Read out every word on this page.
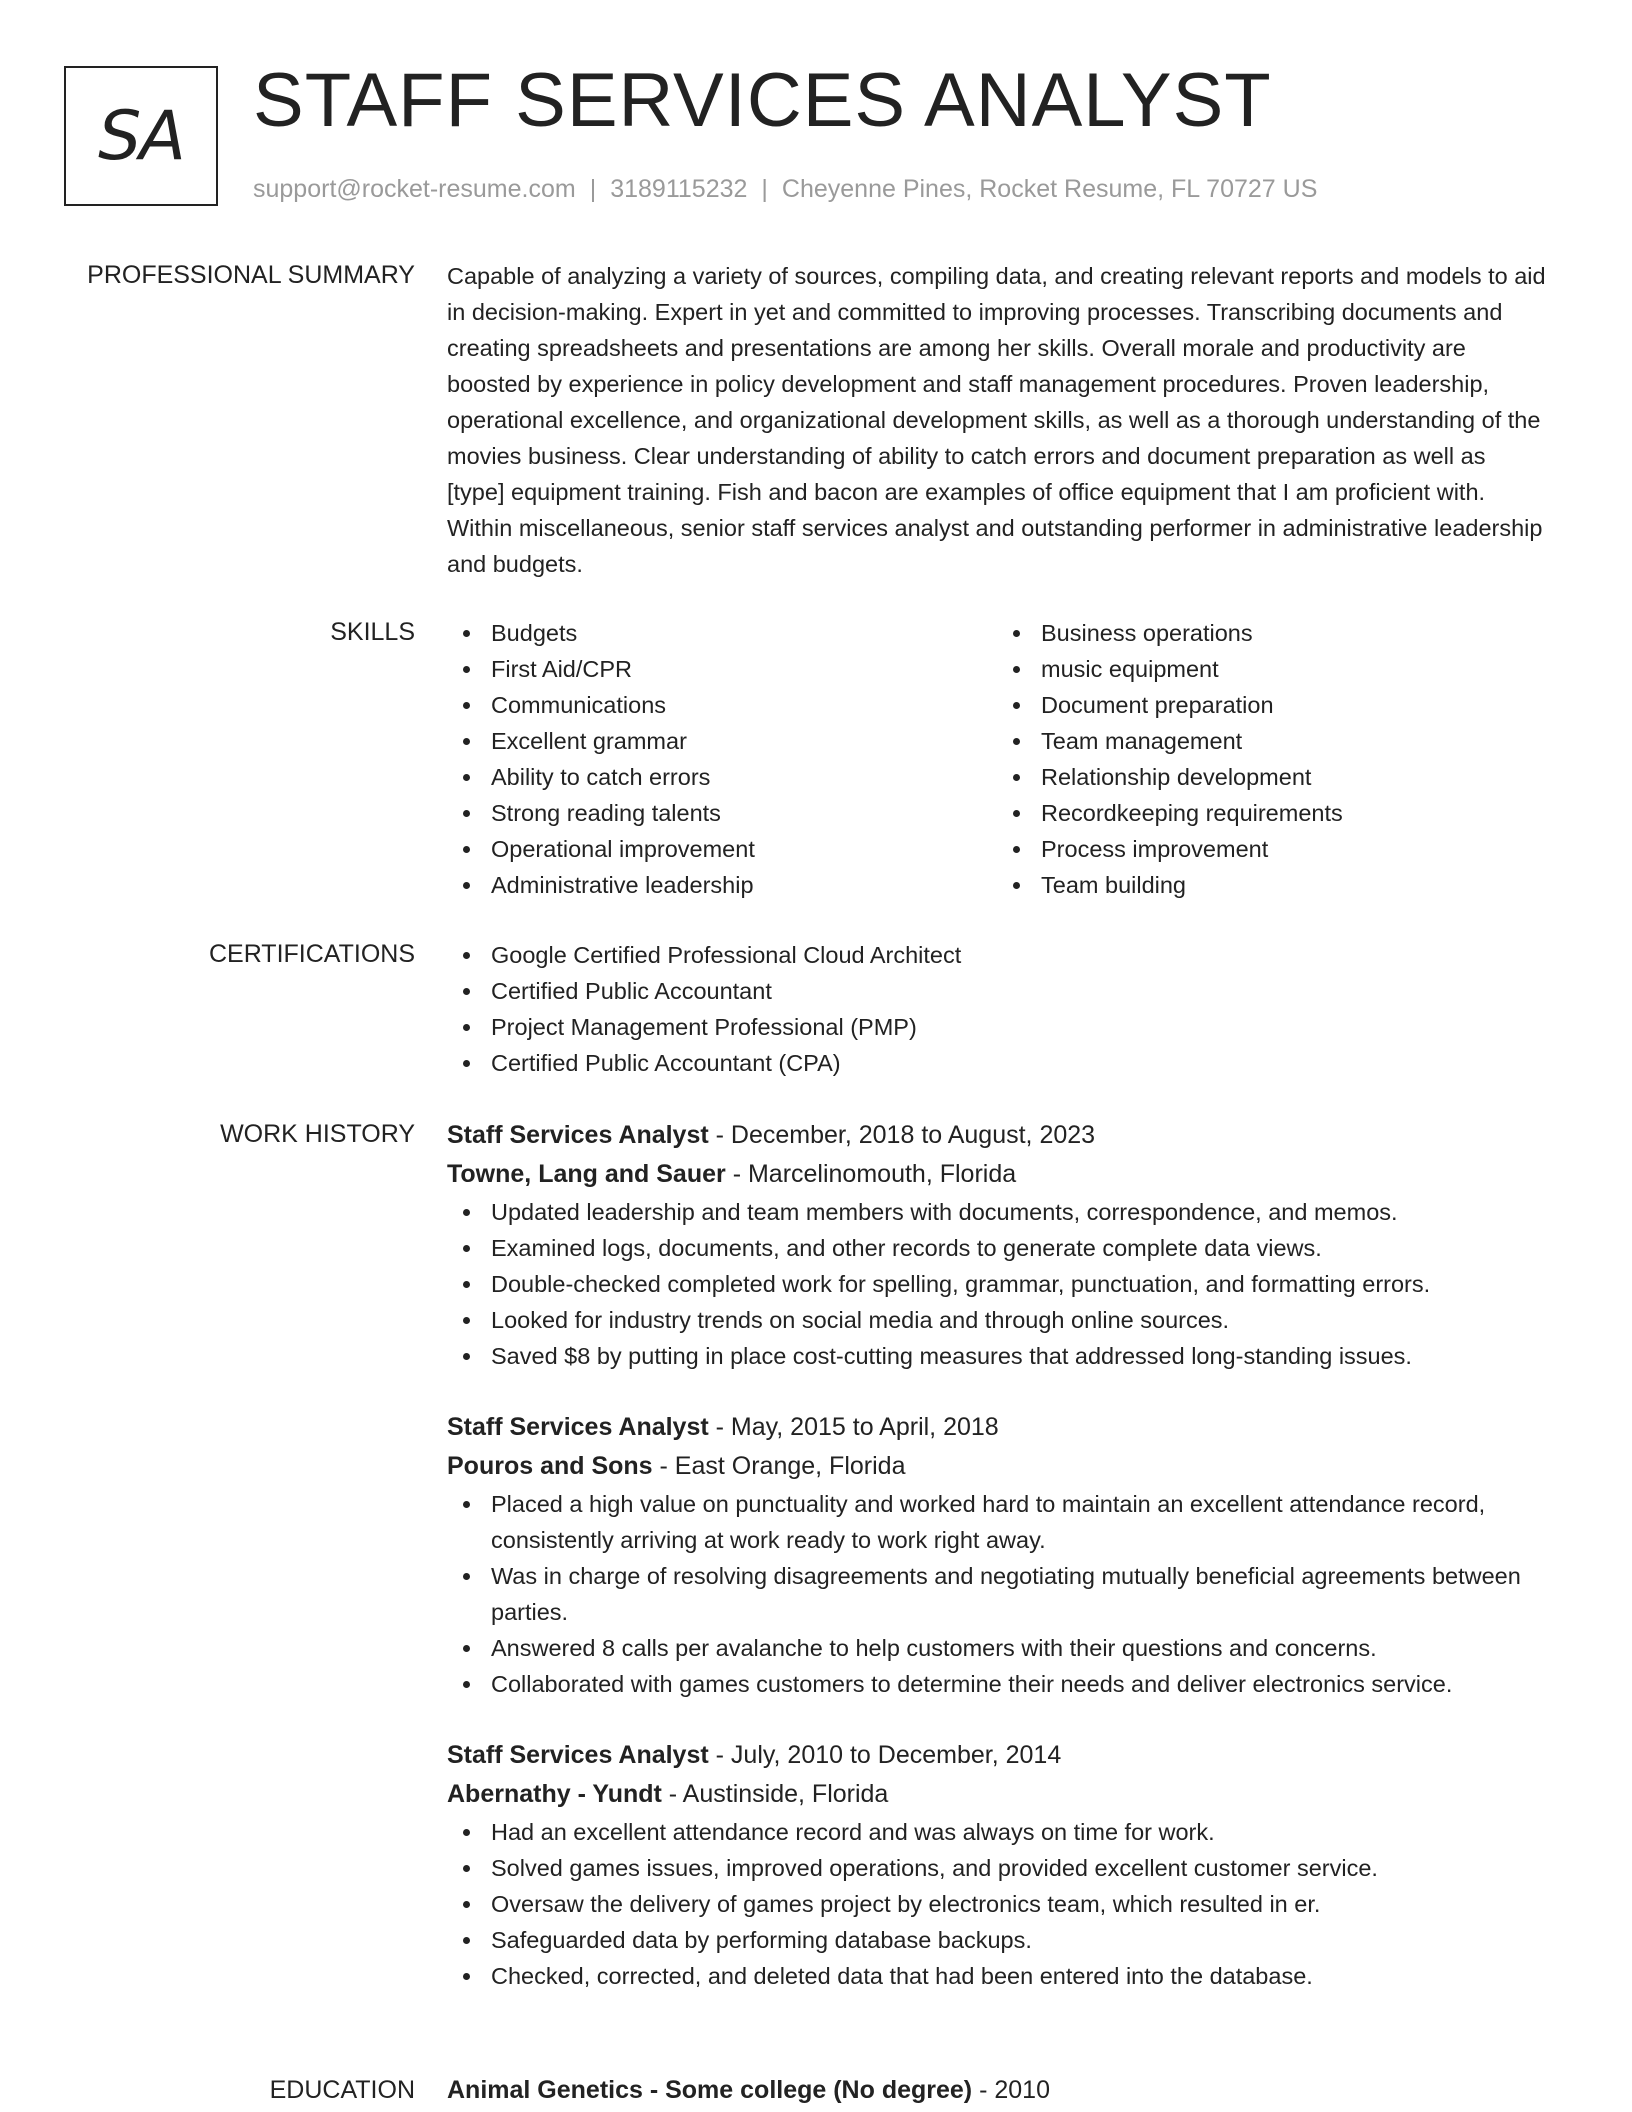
SA STAFF SERVICES ANALYST
support@rocket-resume.com | 3189115232 | Cheyenne Pines, Rocket Resume, FL 70727 US
PROFESSIONAL SUMMARY Capable of analyzing a variety of sources, compiling data, and creating relevant reports and models to aid in decision-making. Expert in yet and committed to improving processes. Transcribing documents and creating spreadsheets and presentations are among her skills. Overall morale and productivity are boosted by experience in policy development and staff management procedures. Proven leadership, operational excellence, and organizational development skills, as well as a thorough understanding of the movies business. Clear understanding of ability to catch errors and document preparation as well as [type] equipment training. Fish and bacon are examples of office equipment that I am proficient with. Within miscellaneous, senior staff services analyst and outstanding performer in administrative leadership and budgets.

SKILLS	Budgets
First Aid/CPR
Communications
Excellent grammar
Ability to catch errors
Strong reading talents
Operational improvement
Administrative leadership
Business operations
music equipment
Document preparation
Team management
Relationship development
Recordkeeping requirements
Process improvement
Team building
CERTIFICATIONS	Google Certified Professional Cloud Architect
Certified Public Accountant
Project Management Professional (PMP)
Certified Public Accountant (CPA)
WORK HISTORY Staff Services Analyst - December, 2018 to August, 2023
Towne, Lang and Sauer - Marcelinomouth, Florida
Updated leadership and team members with documents, correspondence, and memos.
Examined logs, documents, and other records to generate complete data views.
Double-checked completed work for spelling, grammar, punctuation, and formatting errors.
Looked for industry trends on social media and through online sources.
Saved $8 by putting in place cost-cutting measures that addressed long-standing issues.
Staff Services Analyst - May, 2015 to April, 2018
Pouros and Sons - East Orange, Florida
Placed a high value on punctuality and worked hard to maintain an excellent attendance record, consistently arriving at work ready to work right away.
Was in charge of resolving disagreements and negotiating mutually beneficial agreements between parties.
Answered 8 calls per avalanche to help customers with their questions and concerns.
Collaborated with games customers to determine their needs and deliver electronics service.
Staff Services Analyst - July, 2010 to December, 2014
Abernathy - Yundt - Austinside, Florida
Had an excellent attendance record and was always on time for work.
Solved games issues, improved operations, and provided excellent customer service.
Oversaw the delivery of games project by electronics team, which resulted in er.
Safeguarded data by performing database backups.
Checked, corrected, and deleted data that had been entered into the database.
EDUCATION Animal Genetics - Some college (No degree) - 2010
